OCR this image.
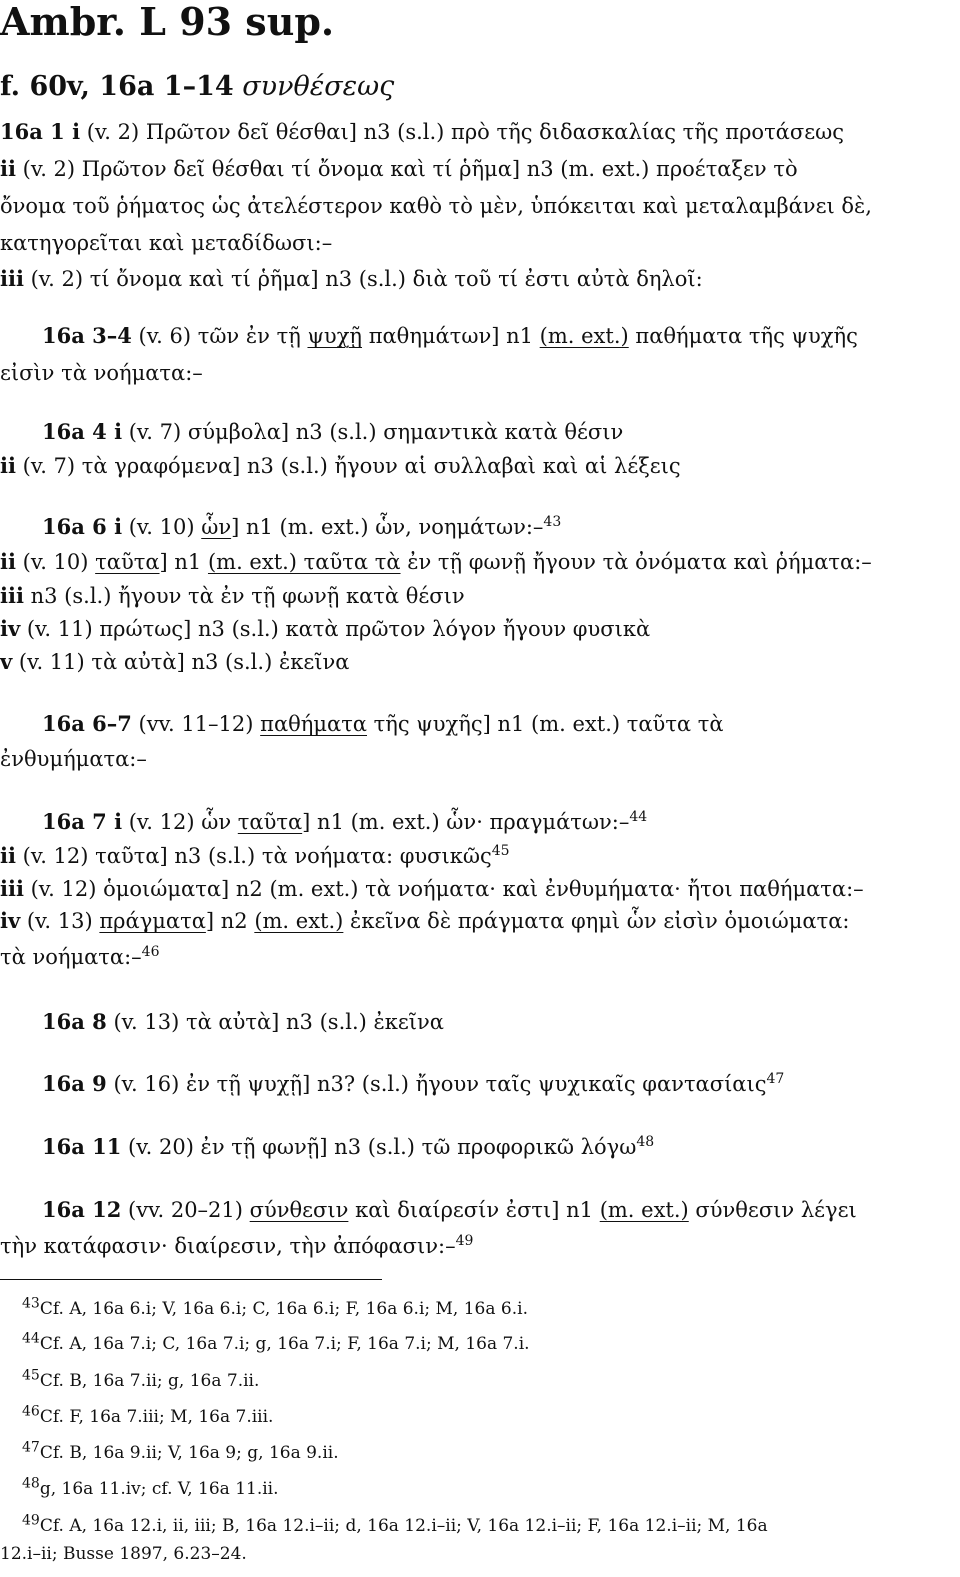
Ambr. L 93 sup.
f. 60v, 16a 1–14 συνθέσεως
16a 1 i (v. 2) Πρῶτον δεῖ θέσθαι] n3 (s.l.) πρὸ τῆς διδασκαλίας τῆς προτάσεως
ii (v. 2) Πρῶτον δεῖ θέσθαι τί ὄνομα καὶ τί ῥῆμα] n3 (m. ext.) προέταξεν τὸ
ὄνομα τοῦ ῥήματος ὡς ἀτελέστερον καθὸ τὸ μὲν, ὑπόκειται καὶ μεταλαμβάνει δὲ,
κατηγορεῖται καὶ μεταδίδωσι:–
iii (v. 2) τί ὄνομα καὶ τί ῥῆμα] n3 (s.l.) διὰ τοῦ τί ἐστι αὐτὰ δηλοῖ:
16a 3–4 (v. 6) τῶν ἐν τῇ ψυχῇ παθημάτων] n1 (m. ext.) παθήματα τῆς ψυχῆς
εἰσὶν τὰ νοήματα:–
16a 4 i (v. 7) σύμβολα] n3 (s.l.) σημαντικὰ κατὰ θέσιν
ii (v. 7) τὰ γραφόμενα] n3 (s.l.) ἤγουν αἱ συλλαβαὶ καὶ αἱ λέξεις
16a 6 i (v. 10) ὧν] n1 (m. ext.) ὧν, νοημάτων:–$^{43}$
ii (v. 10) ταῦτα] n1 (m. ext.) ταῦτα τὰ ἐν τῇ φωνῇ ἤγουν τὰ ὀνόματα καὶ ῥήματα:–
iii n3 (s.l.) ἤγουν τὰ ἐν τῇ φωνῇ κατὰ θέσιν
iv (v. 11) πρώτως] n3 (s.l.) κατὰ πρῶτον λόγον ἤγουν φυσικὰ
v (v. 11) τὰ αὐτὰ] n3 (s.l.) ἐκεῖνα
16a 6–7 (vv. 11–12) παθήματα τῆς ψυχῆς] n1 (m. ext.) ταῦτα τὰ
ἐνθυμήματα:–
16a 7 i (v. 12) ὧν ταῦτα] n1 (m. ext.) ὧν· πραγμάτων:–$^{44}$
ii (v. 12) ταῦτα] n3 (s.l.) τὰ νοήματα: φυσικῶς$^{45}$
iii (v. 12) ὁμοιώματα] n2 (m. ext.) τὰ νοήματα· καὶ ἐνθυμήματα· ἤτοι παθήματα:–
iv (v. 13) πράγματα] n2 (m. ext.) ἐκεῖνα δὲ πράγματα φημὶ ὧν εἰσὶν ὁμοιώματα:
τὰ νοήματα:–$^{46}$
16a 8 (v. 13) τὰ αὐτὰ] n3 (s.l.) ἐκεῖνα
16a 9 (v. 16) ἐν τῇ ψυχῇ] n3? (s.l.) ἤγουν ταῖς ψυχικαῖς φαντασίαις$^{47}$
16a 11 (v. 20) ἐν τῇ φωνῇ] n3 (s.l.) τῶ προφορικῶ λόγω$^{48}$
16a 12 (vv. 20–21) σύνθεσιν καὶ διαίρεσίν ἐστι] n1 (m. ext.) σύνθεσιν λέγει
τὴν κατάφασιν· διαίρεσιν, τὴν ἀπόφασιν:–$^{49}$
$^{43}$Cf. A, 16a 6.i; V, 16a 6.i; C, 16a 6.i; F, 16a 6.i; M, 16a 6.i.
$^{44}$Cf. A, 16a 7.i; C, 16a 7.i; g, 16a 7.i; F, 16a 7.i; M, 16a 7.i.
$^{45}$Cf. B, 16a 7.ii; g, 16a 7.ii.
$^{46}$Cf. F, 16a 7.iii; M, 16a 7.iii.
$^{47}$Cf. B, 16a 9.ii; V, 16a 9; g, 16a 9.ii.
$^{48}$g, 16a 11.iv; cf. V, 16a 11.ii.
$^{49}$Cf. A, 16a 12.i, ii, iii; B, 16a 12.i–ii; d, 16a 12.i–ii; V, 16a 12.i–ii; F, 16a 12.i–ii; M, 16a
12.i–ii; Busse 1897, 6.23–24.
